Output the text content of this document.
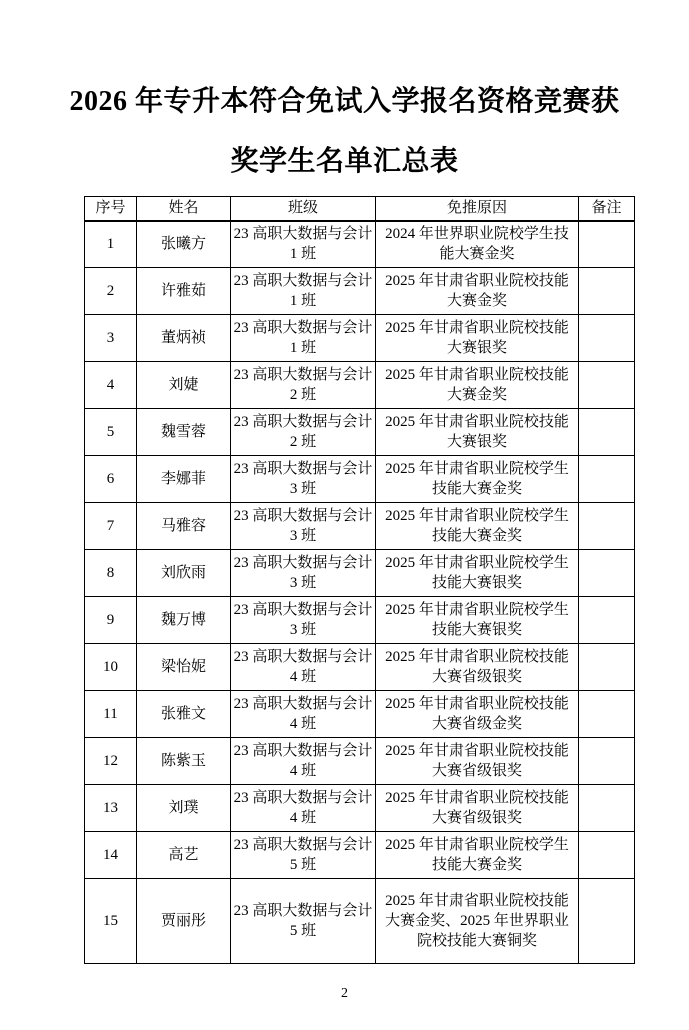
2026 年专升本符合免试入学报名资格竞赛获
奖学生名单汇总表
序号	姓名	班级	免推原因	备注
1	张曦方	23 高职大数据与会计 1 班	2024 年世界职业院校学生技能大赛金奖	
2	许雅茹	23 高职大数据与会计 1 班	2025 年甘肃省职业院校技能大赛金奖	
3	董炳祯	23 高职大数据与会计 1 班	2025 年甘肃省职业院校技能大赛银奖	
4	刘婕	23 高职大数据与会计 2 班	2025 年甘肃省职业院校技能大赛金奖	
5	魏雪蓉	23 高职大数据与会计 2 班	2025 年甘肃省职业院校技能大赛银奖	
6	李娜菲	23 高职大数据与会计 3 班	2025 年甘肃省职业院校学生技能大赛金奖	
7	马雅容	23 高职大数据与会计 3 班	2025 年甘肃省职业院校学生技能大赛金奖	
8	刘欣雨	23 高职大数据与会计 3 班	2025 年甘肃省职业院校学生技能大赛银奖	
9	魏万博	23 高职大数据与会计 3 班	2025 年甘肃省职业院校学生技能大赛银奖	
10	梁怡妮	23 高职大数据与会计 4 班	2025 年甘肃省职业院校技能大赛省级银奖	
11	张雅文	23 高职大数据与会计 4 班	2025 年甘肃省职业院校技能大赛省级金奖	
12	陈紫玉	23 高职大数据与会计 4 班	2025 年甘肃省职业院校技能大赛省级银奖	
13	刘璞	23 高职大数据与会计 4 班	2025 年甘肃省职业院校技能大赛省级银奖	
14	高艺	23 高职大数据与会计 5 班	2025 年甘肃省职业院校学生技能大赛金奖	
15	贾丽彤	23 高职大数据与会计 5 班	2025 年甘肃省职业院校技能大赛金奖、2025 年世界职业院校技能大赛铜奖	
2
